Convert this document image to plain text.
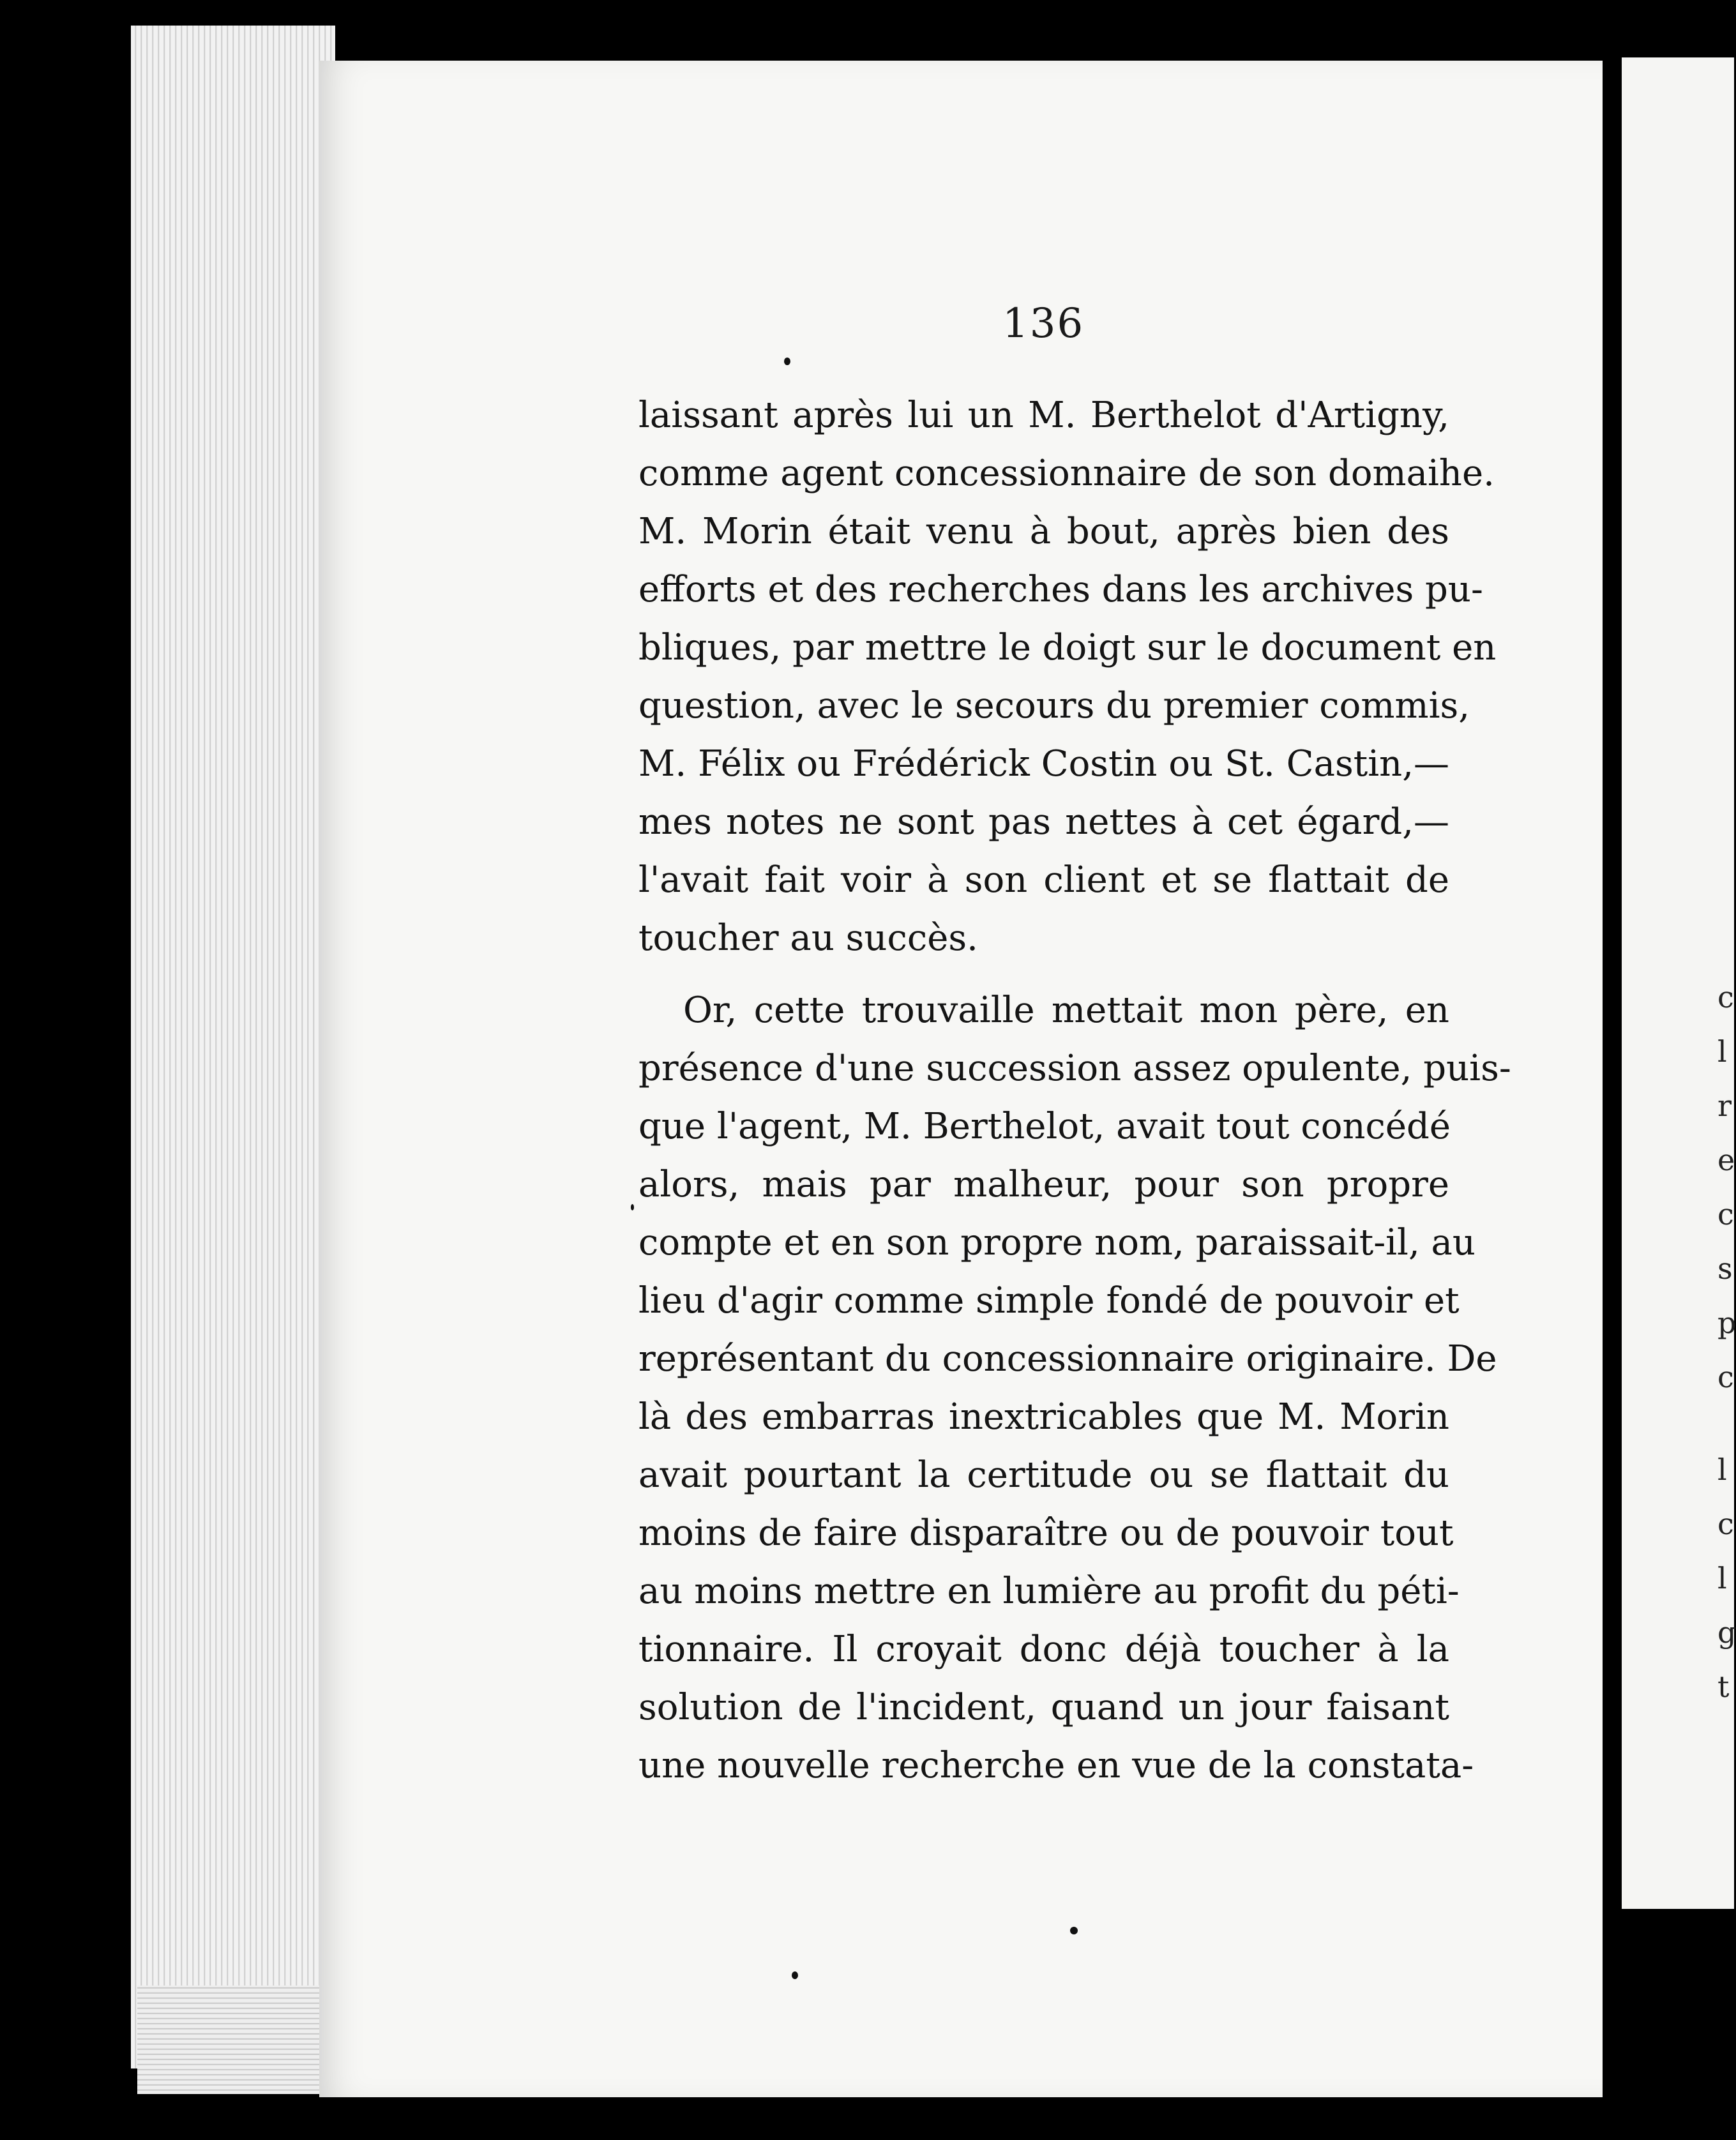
c
l
r
e
c
s
p
c
l
c
l
g
t
136
laissant après lui un M. Berthelot d'Artigny,
comme agent concessionnaire de son domaihe.
M. Morin était venu à bout, après bien des
efforts et des recherches dans les archives pu-
bliques, par mettre le doigt sur le document en
question, avec le secours du premier commis,
M. Félix ou Frédérick Costin ou St. Castin,—
mes notes ne sont pas nettes à cet égard,—
l'avait fait voir à son client et se flattait de
toucher au succès.
Or, cette trouvaille mettait mon père, en
présence d'une succession assez opulente, puis-
que l'agent, M. Berthelot, avait tout concédé
alors, mais par malheur, pour son propre
compte et en son propre nom, paraissait-il, au
lieu d'agir comme simple fondé de pouvoir et
représentant du concessionnaire originaire. De
là des embarras inextricables que M. Morin
avait pourtant la certitude ou se flattait du
moins de faire disparaître ou de pouvoir tout
au moins mettre en lumière au profit du péti-
tionnaire. Il croyait donc déjà toucher à la
solution de l'incident, quand un jour faisant
une nouvelle recherche en vue de la constata-
